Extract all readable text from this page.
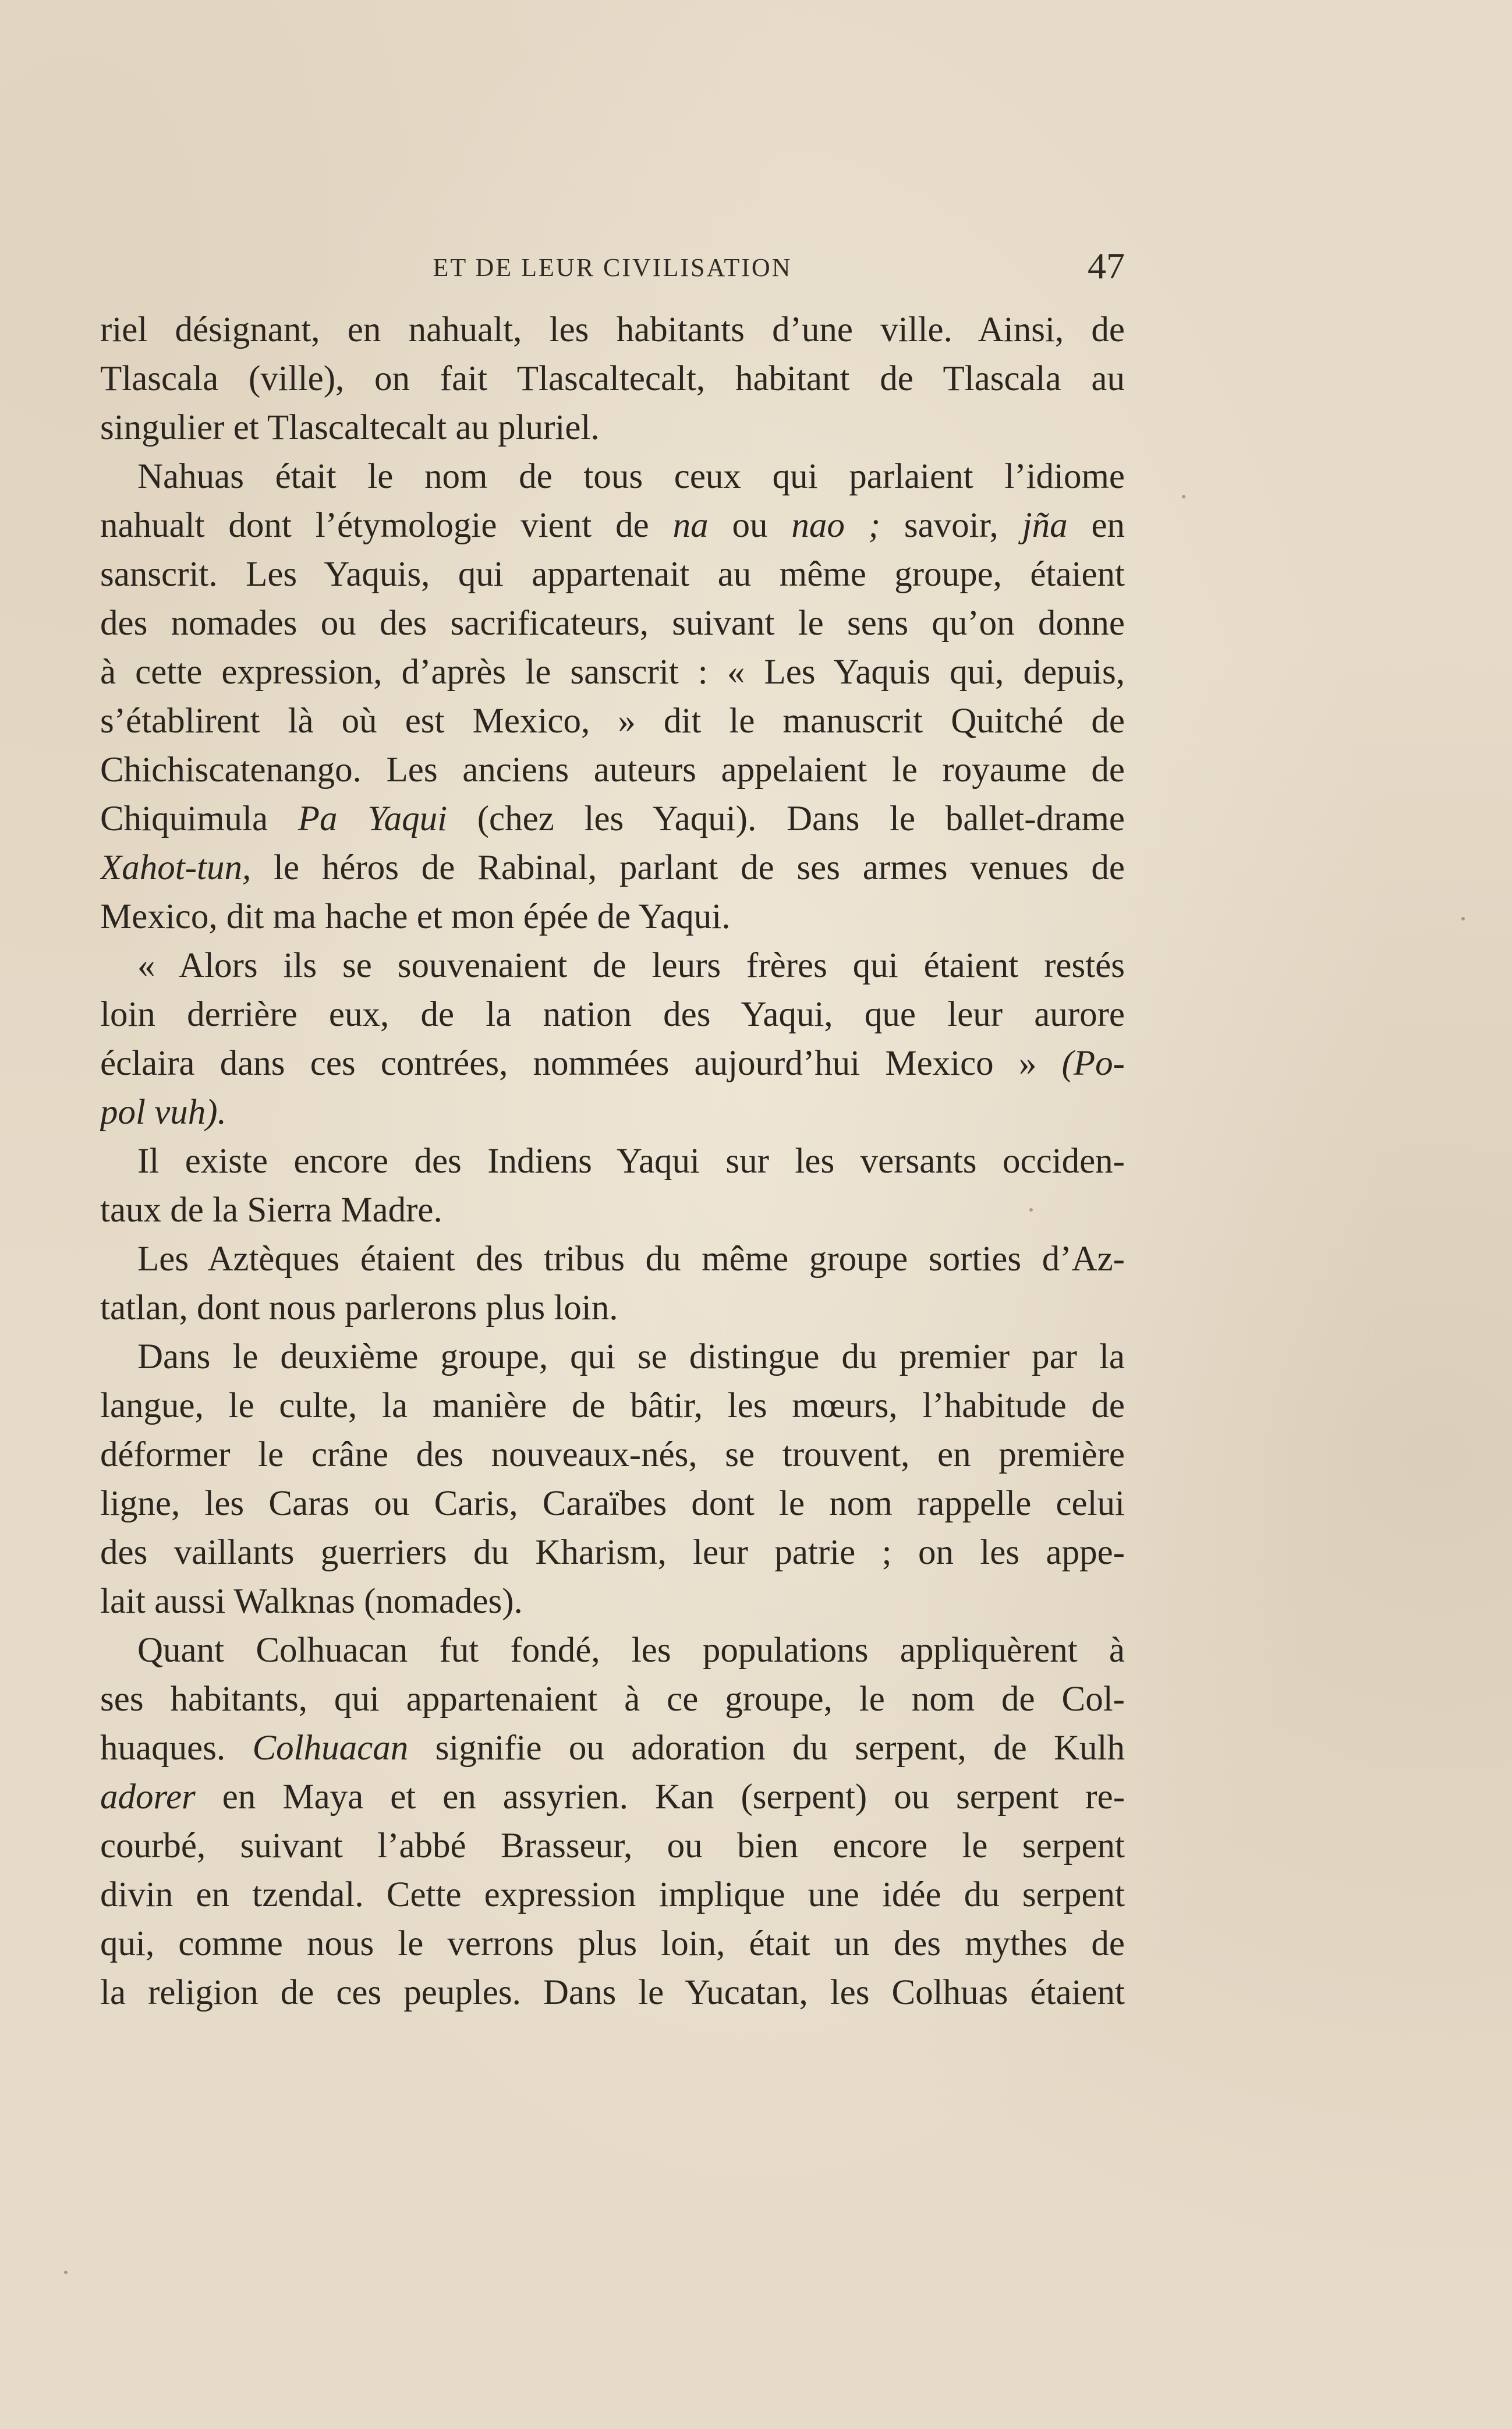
ET DE LEUR CIVILISATION	47
riel désignant, en nahualt, les habitants d’une ville. Ainsi, de
Tlascala (ville), on fait Tlascaltecalt, habitant de Tlascala au
singulier et Tlascaltecalt au pluriel.
Nahuas était le nom de tous ceux qui parlaient l’idiome
nahualt dont l’étymologie vient de na ou nao ; savoir, jña en
sanscrit. Les Yaquis, qui appartenait au même groupe, étaient
des nomades ou des sacrificateurs, suivant le sens qu’on donne
à cette expression, d’après le sanscrit : « Les Yaquis qui, depuis,
s’établirent là où est Mexico, » dit le manuscrit Quitché de
Chichiscatenango. Les anciens auteurs appelaient le royaume de
Chiquimula Pa Yaqui (chez les Yaqui). Dans le ballet-drame
Xahot-tun, le héros de Rabinal, parlant de ses armes venues de
Mexico, dit ma hache et mon épée de Yaqui.
« Alors ils se souvenaient de leurs frères qui étaient restés
loin derrière eux, de la nation des Yaqui, que leur aurore
éclaira dans ces contrées, nommées aujourd’hui Mexico » (Po-
pol vuh).
Il existe encore des Indiens Yaqui sur les versants occiden-
taux de la Sierra Madre.
Les Aztèques étaient des tribus du même groupe sorties d’Az-
tatlan, dont nous parlerons plus loin.
Dans le deuxième groupe, qui se distingue du premier par la
langue, le culte, la manière de bâtir, les mœurs, l’habitude de
déformer le crâne des nouveaux-nés, se trouvent, en première
ligne, les Caras ou Caris, Caraïbes dont le nom rappelle celui
des vaillants guerriers du Kharism, leur patrie ; on les appe-
lait aussi Walknas (nomades).
Quant Colhuacan fut fondé, les populations appliquèrent à
ses habitants, qui appartenaient à ce groupe, le nom de Col-
huaques. Colhuacan signifie ou adoration du serpent, de Kulh
adorer en Maya et en assyrien. Kan (serpent) ou serpent re-
courbé, suivant l’abbé Brasseur, ou bien encore le serpent
divin en tzendal. Cette expression implique une idée du serpent
qui, comme nous le verrons plus loin, était un des mythes de
la religion de ces peuples. Dans le Yucatan, les Colhuas étaient
